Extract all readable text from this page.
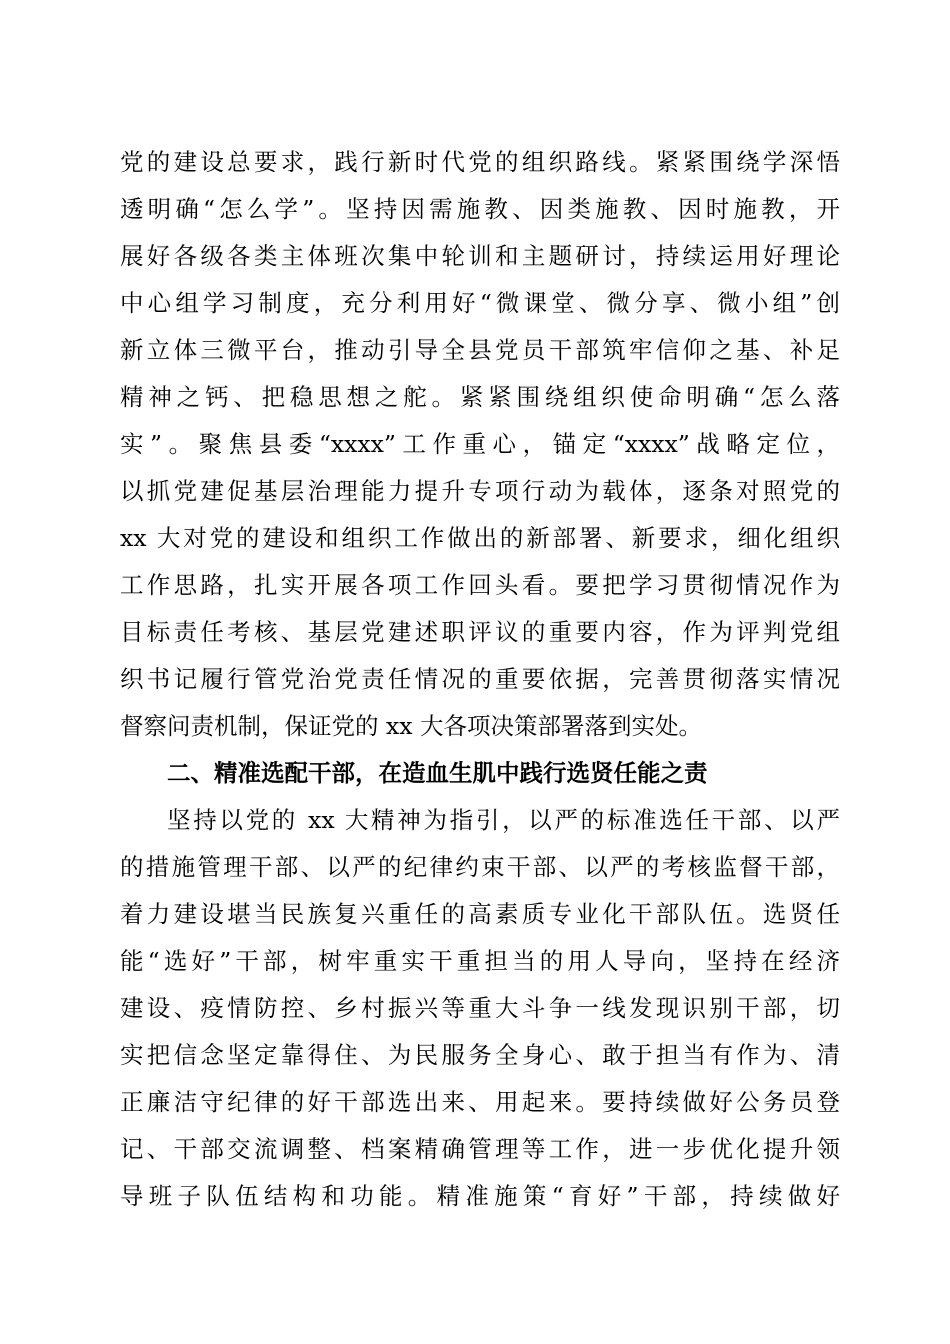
党的建设总要求，践行新时代党的组织路线。紧紧围绕学深悟
透明确“怎么学”。坚持因需施教、因类施教、因时施教，开
展好各级各类主体班次集中轮训和主题研讨，持续运用好理论
中心组学习制度，充分利用好“微课堂、微分享、微小组”创
新立体三微平台，推动引导全县党员干部筑牢信仰之基、补足
精神之钙、把稳思想之舵。紧紧围绕组织使命明确“怎么落
实”。聚焦县委“xxxx”工作重心，锚定“xxxx”战略定位，
以抓党建促基层治理能力提升专项行动为载体，逐条对照党的
xx 大对党的建设和组织工作做出的新部署、新要求，细化组织
工作思路，扎实开展各项工作回头看。要把学习贯彻情况作为
目标责任考核、基层党建述职评议的重要内容，作为评判党组
织书记履行管党治党责任情况的重要依据，完善贯彻落实情况
督察问责机制，保证党的 xx 大各项决策部署落到实处。
二、精准选配干部，在造血生肌中践行选贤任能之责
坚持以党的 xx 大精神为指引，以严的标准选任干部、以严
的措施管理干部、以严的纪律约束干部、以严的考核监督干部，
着力建设堪当民族复兴重任的高素质专业化干部队伍。选贤任
能“选好”干部，树牢重实干重担当的用人导向，坚持在经济
建设、疫情防控、乡村振兴等重大斗争一线发现识别干部，切
实把信念坚定靠得住、为民服务全身心、敢于担当有作为、清
正廉洁守纪律的好干部选出来、用起来。要持续做好公务员登
记、干部交流调整、档案精确管理等工作，进一步优化提升领
导班子队伍结构和功能。精准施策“育好”干部，持续做好
